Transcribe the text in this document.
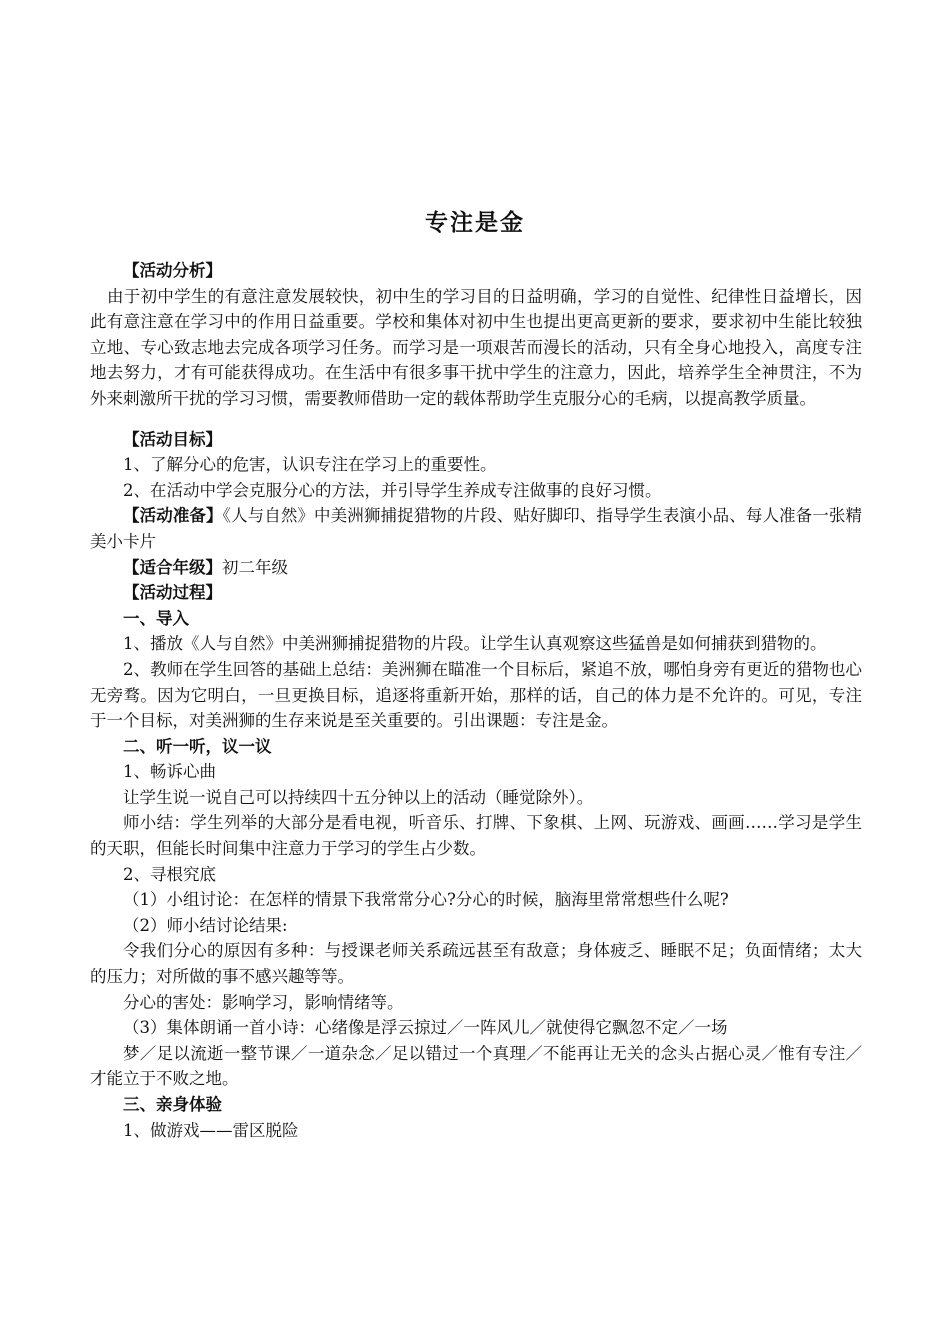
专注是金

【活动分析】

由于初中学生的有意注意发展较快，初中生的学习目的日益明确，学习的自觉性、纪律性日益增长，因此有意注意在学习中的作用日益重要。学校和集体对初中生也提出更高更新的要求，要求初中生能比较独立地、专心致志地去完成各项学习任务。而学习是一项艰苦而漫长的活动，只有全身心地投入，高度专注地去努力，才有可能获得成功。在生活中有很多事干扰中学生的注意力，因此，培养学生全神贯注，不为外来刺激所干扰的学习习惯，需要教师借助一定的载体帮助学生克服分心的毛病，以提高教学质量。

【活动目标】

1、了解分心的危害，认识专注在学习上的重要性。

2、在活动中学会克服分心的方法，并引导学生养成专注做事的良好习惯。

【活动准备】《人与自然》中美洲狮捕捉猎物的片段、贴好脚印、指导学生表演小品、每人准备一张精美小卡片

【适合年级】初二年级

【活动过程】

一、导入

1、播放《人与自然》中美洲狮捕捉猎物的片段。让学生认真观察这些猛兽是如何捕获到猎物的。

2、教师在学生回答的基础上总结：美洲狮在瞄准一个目标后，紧追不放，哪怕身旁有更近的猎物也心无旁骛。因为它明白，一旦更换目标，追逐将重新开始，那样的话，自己的体力是不允许的。可见，专注于一个目标，对美洲狮的生存来说是至关重要的。引出课题：专注是金。

二、听一听，议一议

1、畅诉心曲

让学生说一说自己可以持续四十五分钟以上的活动（睡觉除外）。

师小结：学生列举的大部分是看电视，听音乐、打牌、下象棋、上网、玩游戏、画画……学习是学生的天职，但能长时间集中注意力于学习的学生占少数。

2、寻根究底

（1）小组讨论：在怎样的情景下我常常分心?分心的时候，脑海里常常想些什么呢?

（2）师小结讨论结果:

令我们分心的原因有多种：与授课老师关系疏远甚至有敌意；身体疲乏、睡眠不足；负面情绪；太大的压力；对所做的事不感兴趣等等。

分心的害处：影响学习，影响情绪等。

（3）集体朗诵一首小诗：心绪像是浮云掠过／一阵风儿／就使得它飘忽不定／一场

梦／足以流逝一整节课／一道杂念／足以错过一个真理／不能再让无关的念头占据心灵／惟有专注／才能立于不败之地。

三、亲身体验

1、做游戏——雷区脱险
